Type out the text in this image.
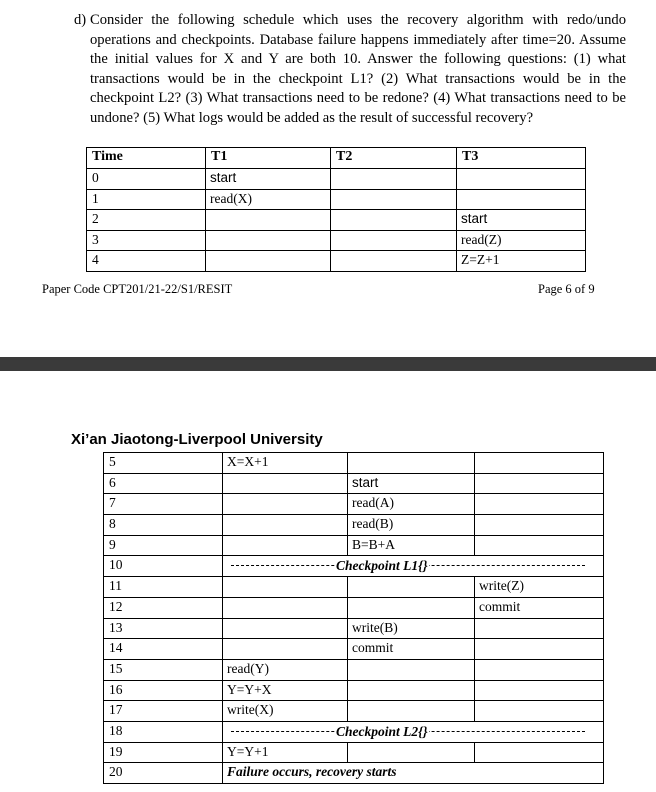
d) Consider the following schedule which uses the recovery algorithm with redo/undo operations and checkpoints. Database failure happens immediately after time=20. Assume the initial values for X and Y are both 10. Answer the following questions: (1) what transactions would be in the checkpoint L1? (2) What transactions would be in the checkpoint L2? (3) What transactions need to be redone? (4) What transactions need to be undone? (5) What logs would be added as the result of successful recovery?
Time	T1	T2	T3
0	start		
1	read(X)		
2			start
3			read(Z)
4			Z=Z+1
Paper Code CPT201/21-22/S1/RESIT	Page 6 of 9
Xi’an Jiaotong-Liverpool University
5	X=X+1		
6		start	
7		read(A)	
8		read(B)	
9		B=B+A	
10	Checkpoint L1{}		

11			write(Z)
12			commit
13		write(B)	
14		commit	
15	read(Y)		
16	Y=Y+X		
17	write(X)		
18	Checkpoint L2{}		

19	Y=Y+1		
20	Failure occurs, recovery starts		
